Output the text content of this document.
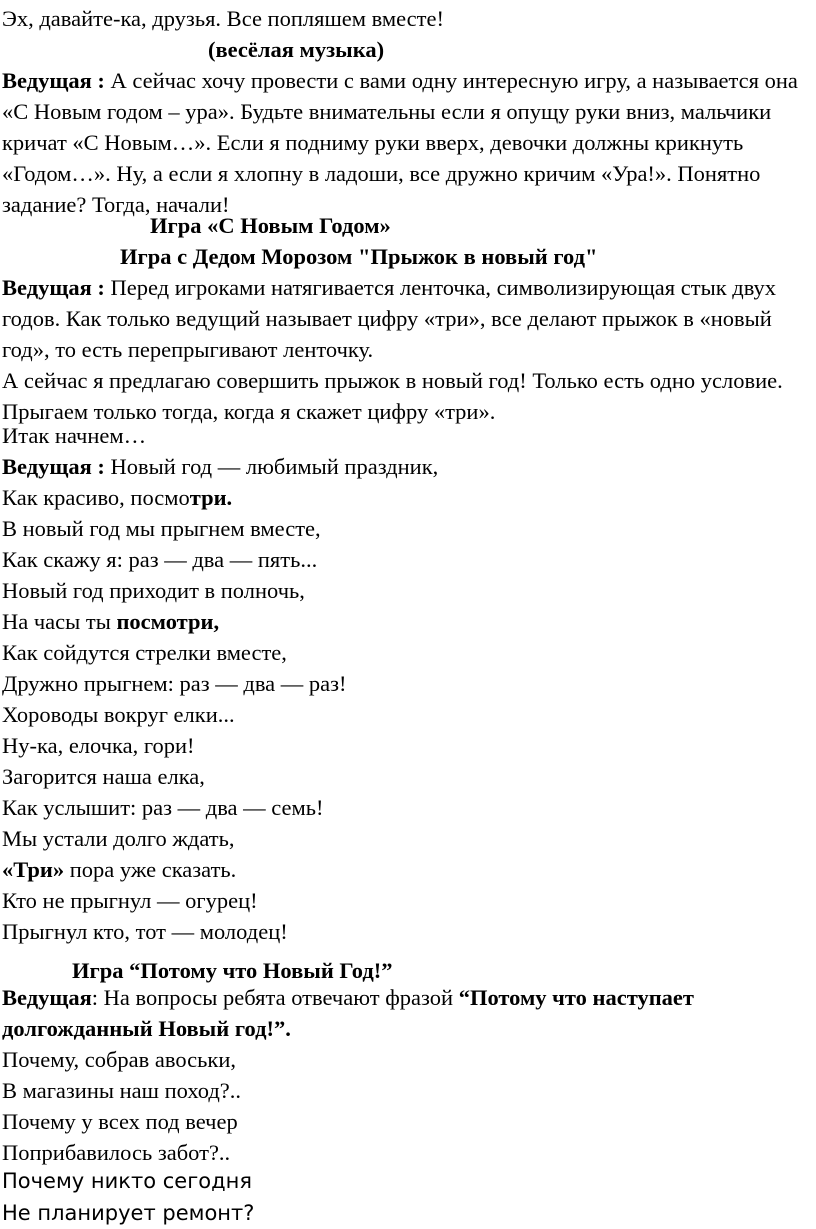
Эх, давайте-ка, друзья. Все попляшем вместе!
(весёлая музыка)
Ведущая : А сейчас хочу провести с вами одну интересную игру, а называется она «С Новым годом – ура». Будьте внимательны если я опущу руки вниз, мальчики кричат «С Новым…». Если я подниму руки вверх, девочки должны крикнуть «Годом…». Ну, а если я хлопну в ладоши, все дружно кричим «Ура!». Понятно задание? Тогда, начали!
Игра «С Новым Годом»
Игра с Дедом Морозом "Прыжок в новый год"
Ведущая : Перед игроками натягивается ленточка, символизирующая стык двух годов. Как только ведущий называет цифру «три», все делают прыжок в «новый год», то есть перепрыгивают ленточку.
А сейчас я предлагаю совершить прыжок в новый год! Только есть одно условие. Прыгаем только тогда, когда я скажет цифру «три».
Итак начнем…
Ведущая : Новый год — любимый праздник,
Как красиво, посмотри.
В новый год мы прыгнем вместе,
Как скажу я: раз — два — пять...
Новый год приходит в полночь,
На часы ты посмотри,
Как сойдутся стрелки вместе,
Дружно прыгнем: раз — два — раз!
Хороводы вокруг елки...
Ну-ка, елочка, гори!
Загорится наша елка,
Как услышит: раз — два — семь!
Мы устали долго ждать,
«Три» пора уже сказать.
Кто не прыгнул — огурец!
Прыгнул кто, тот — молодец!
Игра “Потому что Новый Год!”
Ведущая: На вопросы ребята отвечают фразой “Потому что наступает долгожданный Новый год!”.
Почему, собрав авоськи,
В магазины наш поход?..
Почему у всех под вечер
Поприбавилось забот?..
Почему никто сегодня
Не планирует ремонт?
